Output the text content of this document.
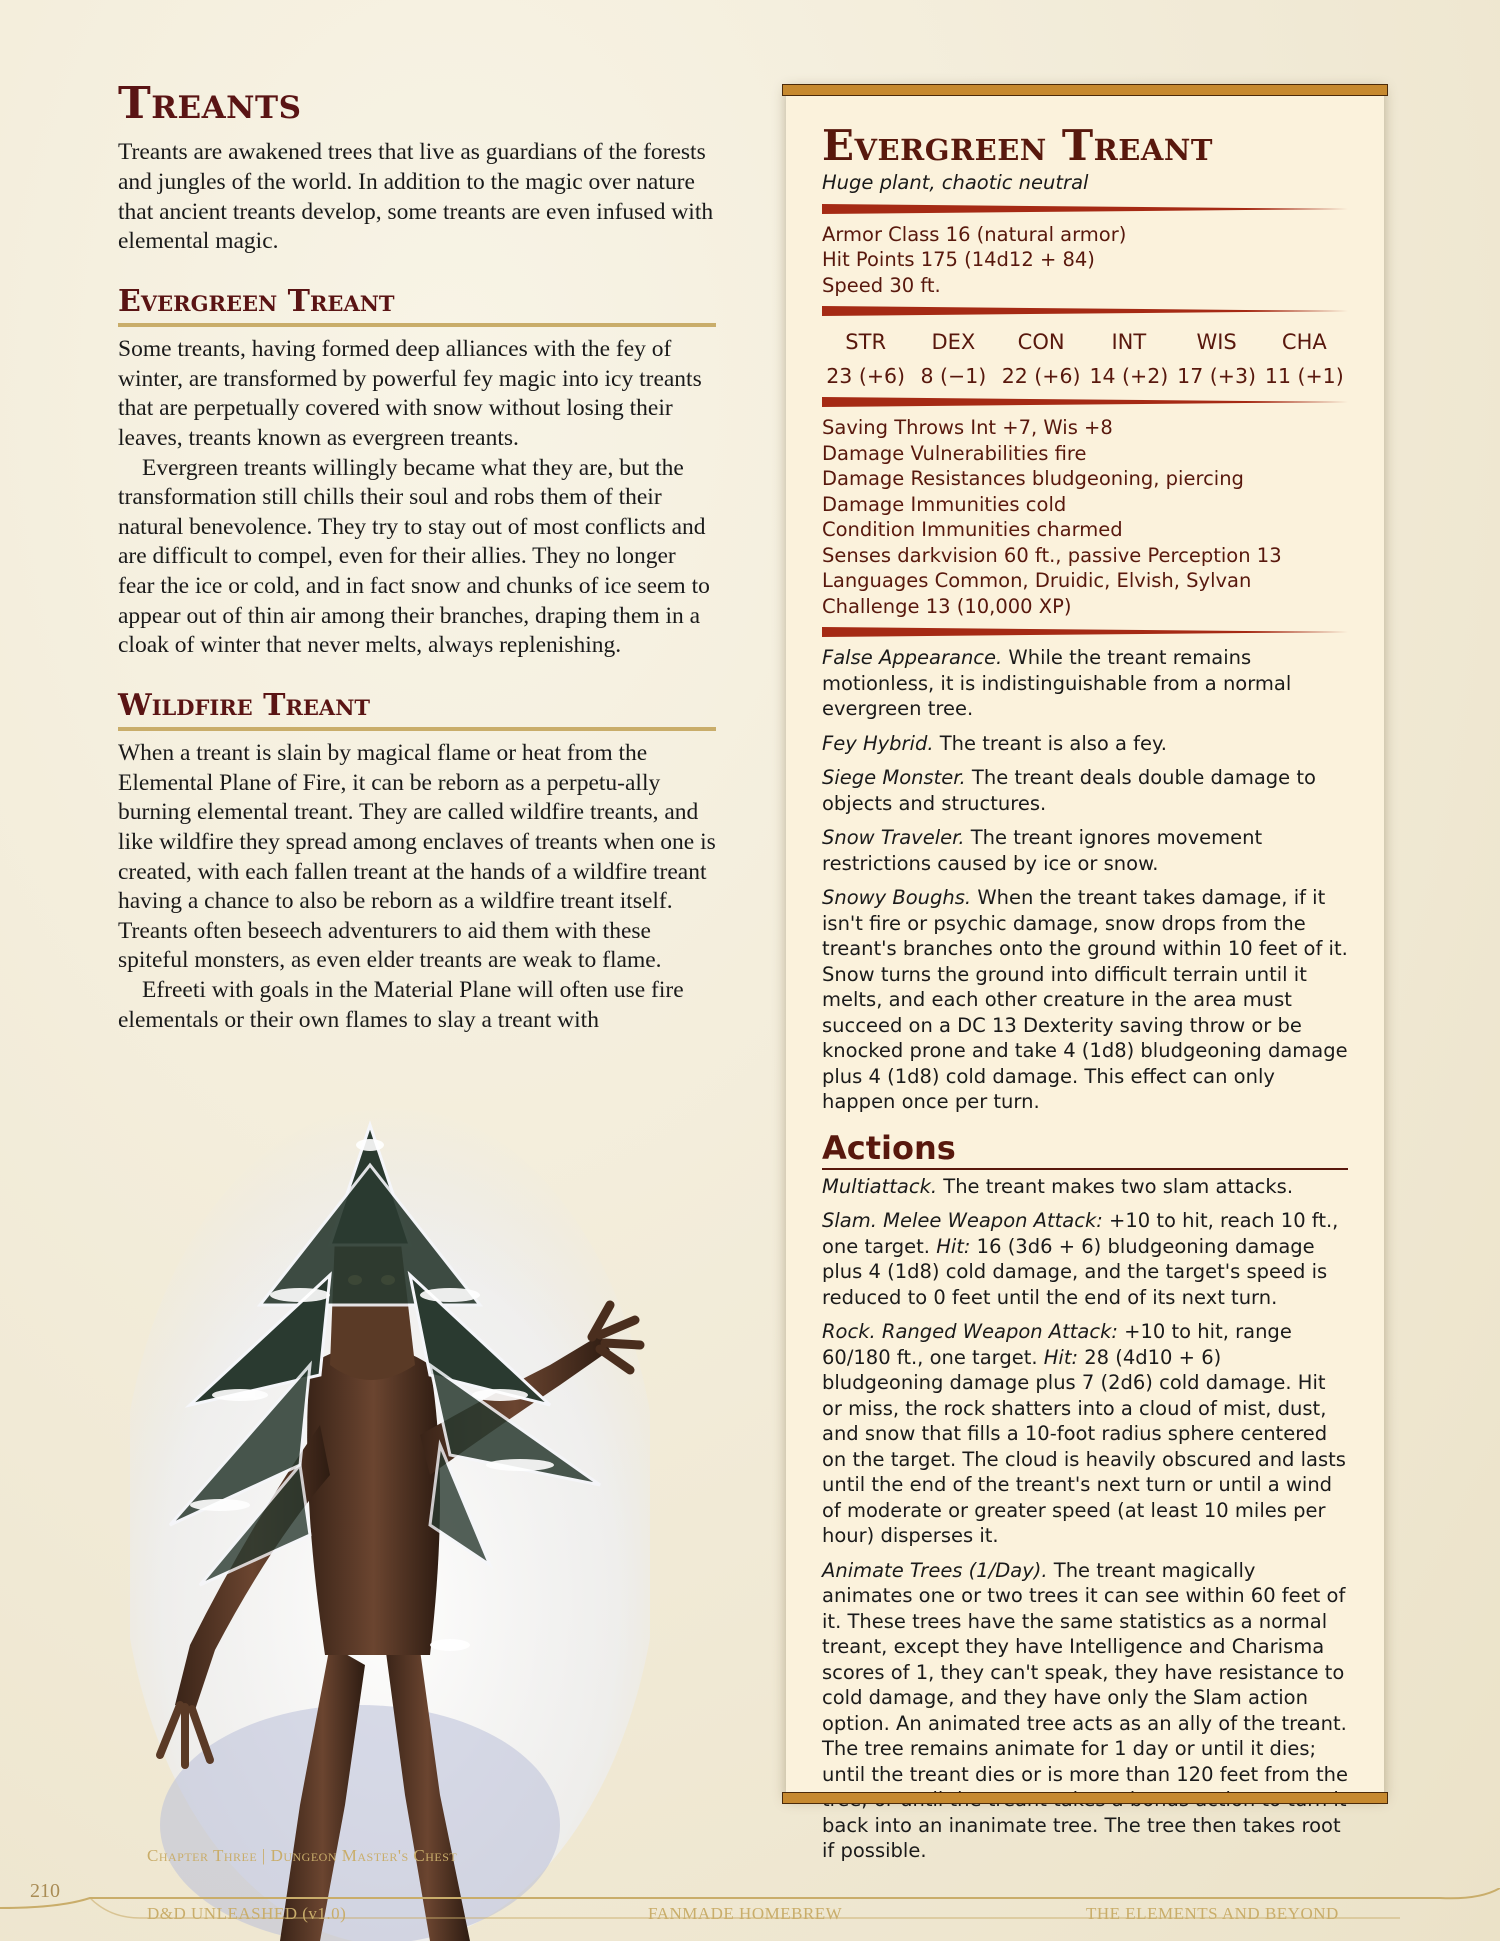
Treants

Treants are awakened trees that live as guardians of the forests and jungles of the world. In addition to the magic over nature that ancient treants develop, some treants are even infused with elemental magic.

Evergreen Treant

Some treants, having formed deep alliances with the fey of winter, are transformed by powerful fey magic into icy treants that are perpetually covered with snow without losing their leaves, treants known as evergreen treants.

Evergreen treants willingly became what they are, but the transformation still chills their soul and robs them of their natural benevolence. They try to stay out of most conflicts and are difficult to compel, even for their allies. They no longer fear the ice or cold, and in fact snow and chunks of ice seem to appear out of thin air among their branches, draping them in a cloak of winter that never melts, always replenishing.

Wildfire Treant

When a treant is slain by magical flame or heat from the Elemental Plane of Fire, it can be reborn as a perpetu-ally burning elemental treant. They are called wildfire treants, and like wildfire they spread among enclaves of treants when one is created, with each fallen treant at the hands of a wildfire treant having a chance to also be reborn as a wildfire treant itself. Treants often beseech adventurers to aid them with these spiteful monsters, as even elder treants are weak to flame.

Efreeti with goals in the Material Plane will often use fire elementals or their own flames to slay a treant with

Evergreen Treant
Huge plant, chaotic neutral

Armor Class 16 (natural armor)

Hit Points 175 (14d12 + 84)

Speed 30 ft.

STR
23 (+6)
DEX
8 (−1)
CON
22 (+6)
INT
14 (+2)
WIS
17 (+3)
CHA
11 (+1)

Saving Throws Int +7, Wis +8

Damage Vulnerabilities fire

Damage Resistances bludgeoning, piercing

Damage Immunities cold

Condition Immunities charmed

Senses darkvision 60 ft., passive Perception 13

Languages Common, Druidic, Elvish, Sylvan

Challenge 13 (10,000 XP)

False Appearance. While the treant remains motionless, it is indistinguishable from a normal evergreen tree.

Fey Hybrid. The treant is also a fey.

Siege Monster. The treant deals double damage to objects and structures.

Snow Traveler. The treant ignores movement restrictions caused by ice or snow.

Snowy Boughs. When the treant takes damage, if it isn't fire or psychic damage, snow drops from the treant's branches onto the ground within 10 feet of it. Snow turns the ground into difficult terrain until it melts, and each other creature in the area must succeed on a DC 13 Dexterity saving throw or be knocked prone and take 4 (1d8) bludgeoning damage plus 4 (1d8) cold damage. This effect can only happen once per turn.

Actions

Multiattack. The treant makes two slam attacks.

Slam. Melee Weapon Attack: +10 to hit, reach 10 ft., one target. Hit: 16 (3d6 + 6) bludgeoning damage plus 4 (1d8) cold damage, and the target's speed is reduced to 0 feet until the end of its next turn.

Rock. Ranged Weapon Attack: +10 to hit, range 60/180 ft., one target. Hit: 28 (4d10 + 6) bludgeoning damage plus 7 (2d6) cold damage. Hit or miss, the rock shatters into a cloud of mist, dust, and snow that fills a 10-foot radius sphere centered on the target. The cloud is heavily obscured and lasts until the end of the treant's next turn or until a wind of moderate or greater speed (at least 10 miles per hour) disperses it.

Animate Trees (1/Day). The treant magically animates one or two trees it can see within 60 feet of it. These trees have the same statistics as a normal treant, except they have Intelligence and Charisma scores of 1, they can't speak, they have resistance to cold damage, and they have only the Slam action option. An animated tree acts as an ally of the treant. The tree remains animate for 1 day or until it dies; until the treant dies or is more than 120 feet from the back into an inanimate tree. The tree then takes root if possible.

Chapter Three | Dungeon Master's Chest
210
D&D UNLEASHED (v1.0)	FANMADE HOMEBREW	THE ELEMENTS AND BEYOND
